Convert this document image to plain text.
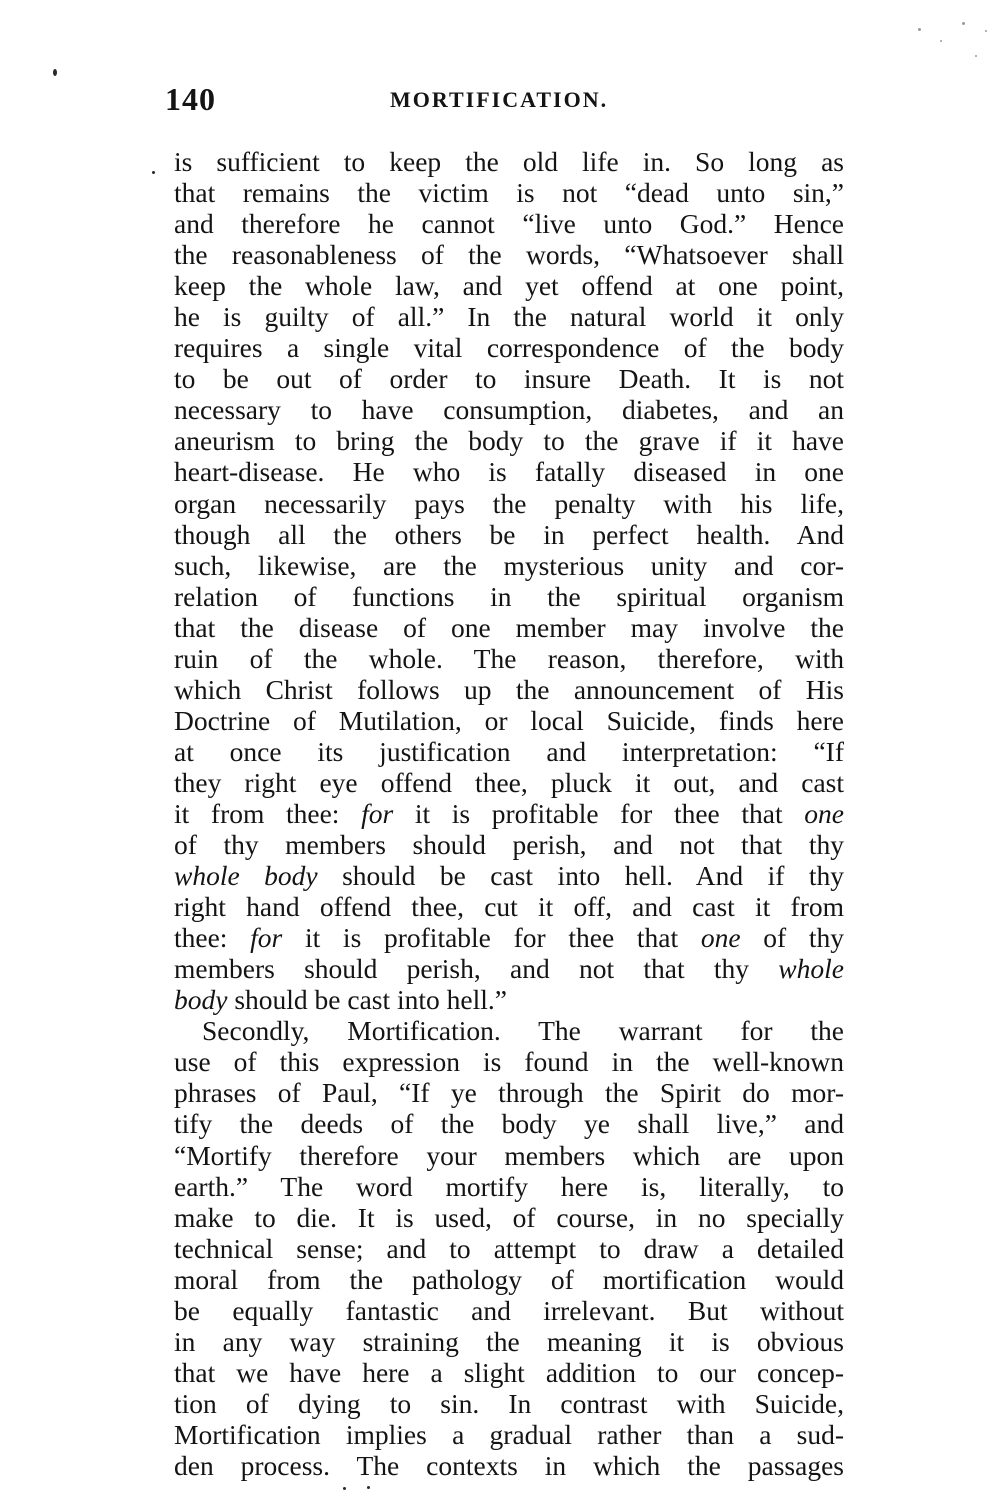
140	MORTIFICATION.
is sufficient to keep the old life in. So long as
that remains the victim is not “dead unto sin,”
and therefore he cannot “live unto God.” Hence
the reasonableness of the words, “Whatsoever shall
keep the whole law, and yet offend at one point,
he is guilty of all.” In the natural world it only
requires a single vital correspondence of the body
to be out of order to insure Death. It is not
necessary to have consumption, diabetes, and an
aneurism to bring the body to the grave if it have
heart-disease. He who is fatally diseased in one
organ necessarily pays the penalty with his life,
though all the others be in perfect health. And
such, likewise, are the mysterious unity and cor-
relation of functions in the spiritual organism
that the disease of one member may involve the
ruin of the whole. The reason, therefore, with
which Christ follows up the announcement of His
Doctrine of Mutilation, or local Suicide, finds here
at once its justification and interpretation: “If
they right eye offend thee, pluck it out, and cast
it from thee: for it is profitable for thee that one
of thy members should perish, and not that thy
whole body should be cast into hell. And if thy
right hand offend thee, cut it off, and cast it from
thee: for it is profitable for thee that one of thy
members should perish, and not that thy whole
body should be cast into hell.”
Secondly, Mortification. The warrant for the
use of this expression is found in the well-known
phrases of Paul, “If ye through the Spirit do mor-
tify the deeds of the body ye shall live,” and
“Mortify therefore your members which are upon
earth.” The word mortify here is, literally, to
make to die. It is used, of course, in no specially
technical sense; and to attempt to draw a detailed
moral from the pathology of mortification would
be equally fantastic and irrelevant. But without
in any way straining the meaning it is obvious
that we have here a slight addition to our concep-
tion of dying to sin. In contrast with Suicide,
Mortification implies a gradual rather than a sud-
den process. The contexts in which the passages
